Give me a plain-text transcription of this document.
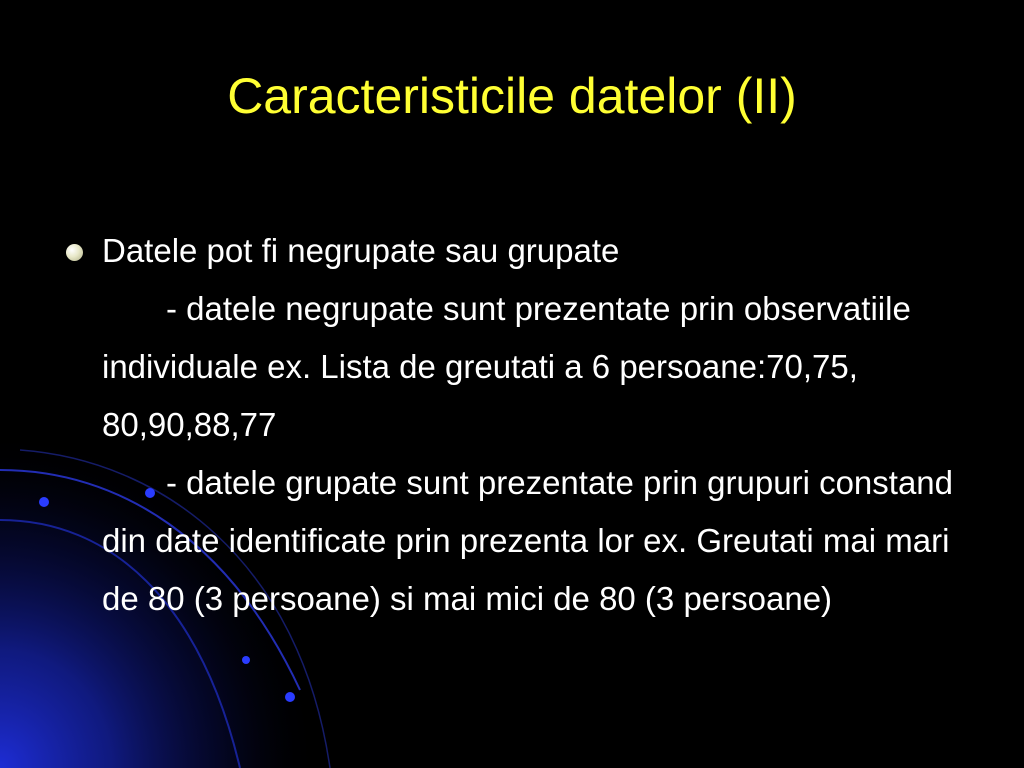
Caracteristicile datelor (II)
Datele pot fi negrupate sau grupate

- datele negrupate sunt prezentate prin observatiile individuale ex. Lista de greutati a 6 persoane:70,75, 80,90,88,77

- datele grupate sunt prezentate prin grupuri constand din date identificate prin prezenta lor ex. Greutati mai mari de 80 (3 persoane) si mai mici de 80 (3 persoane)
